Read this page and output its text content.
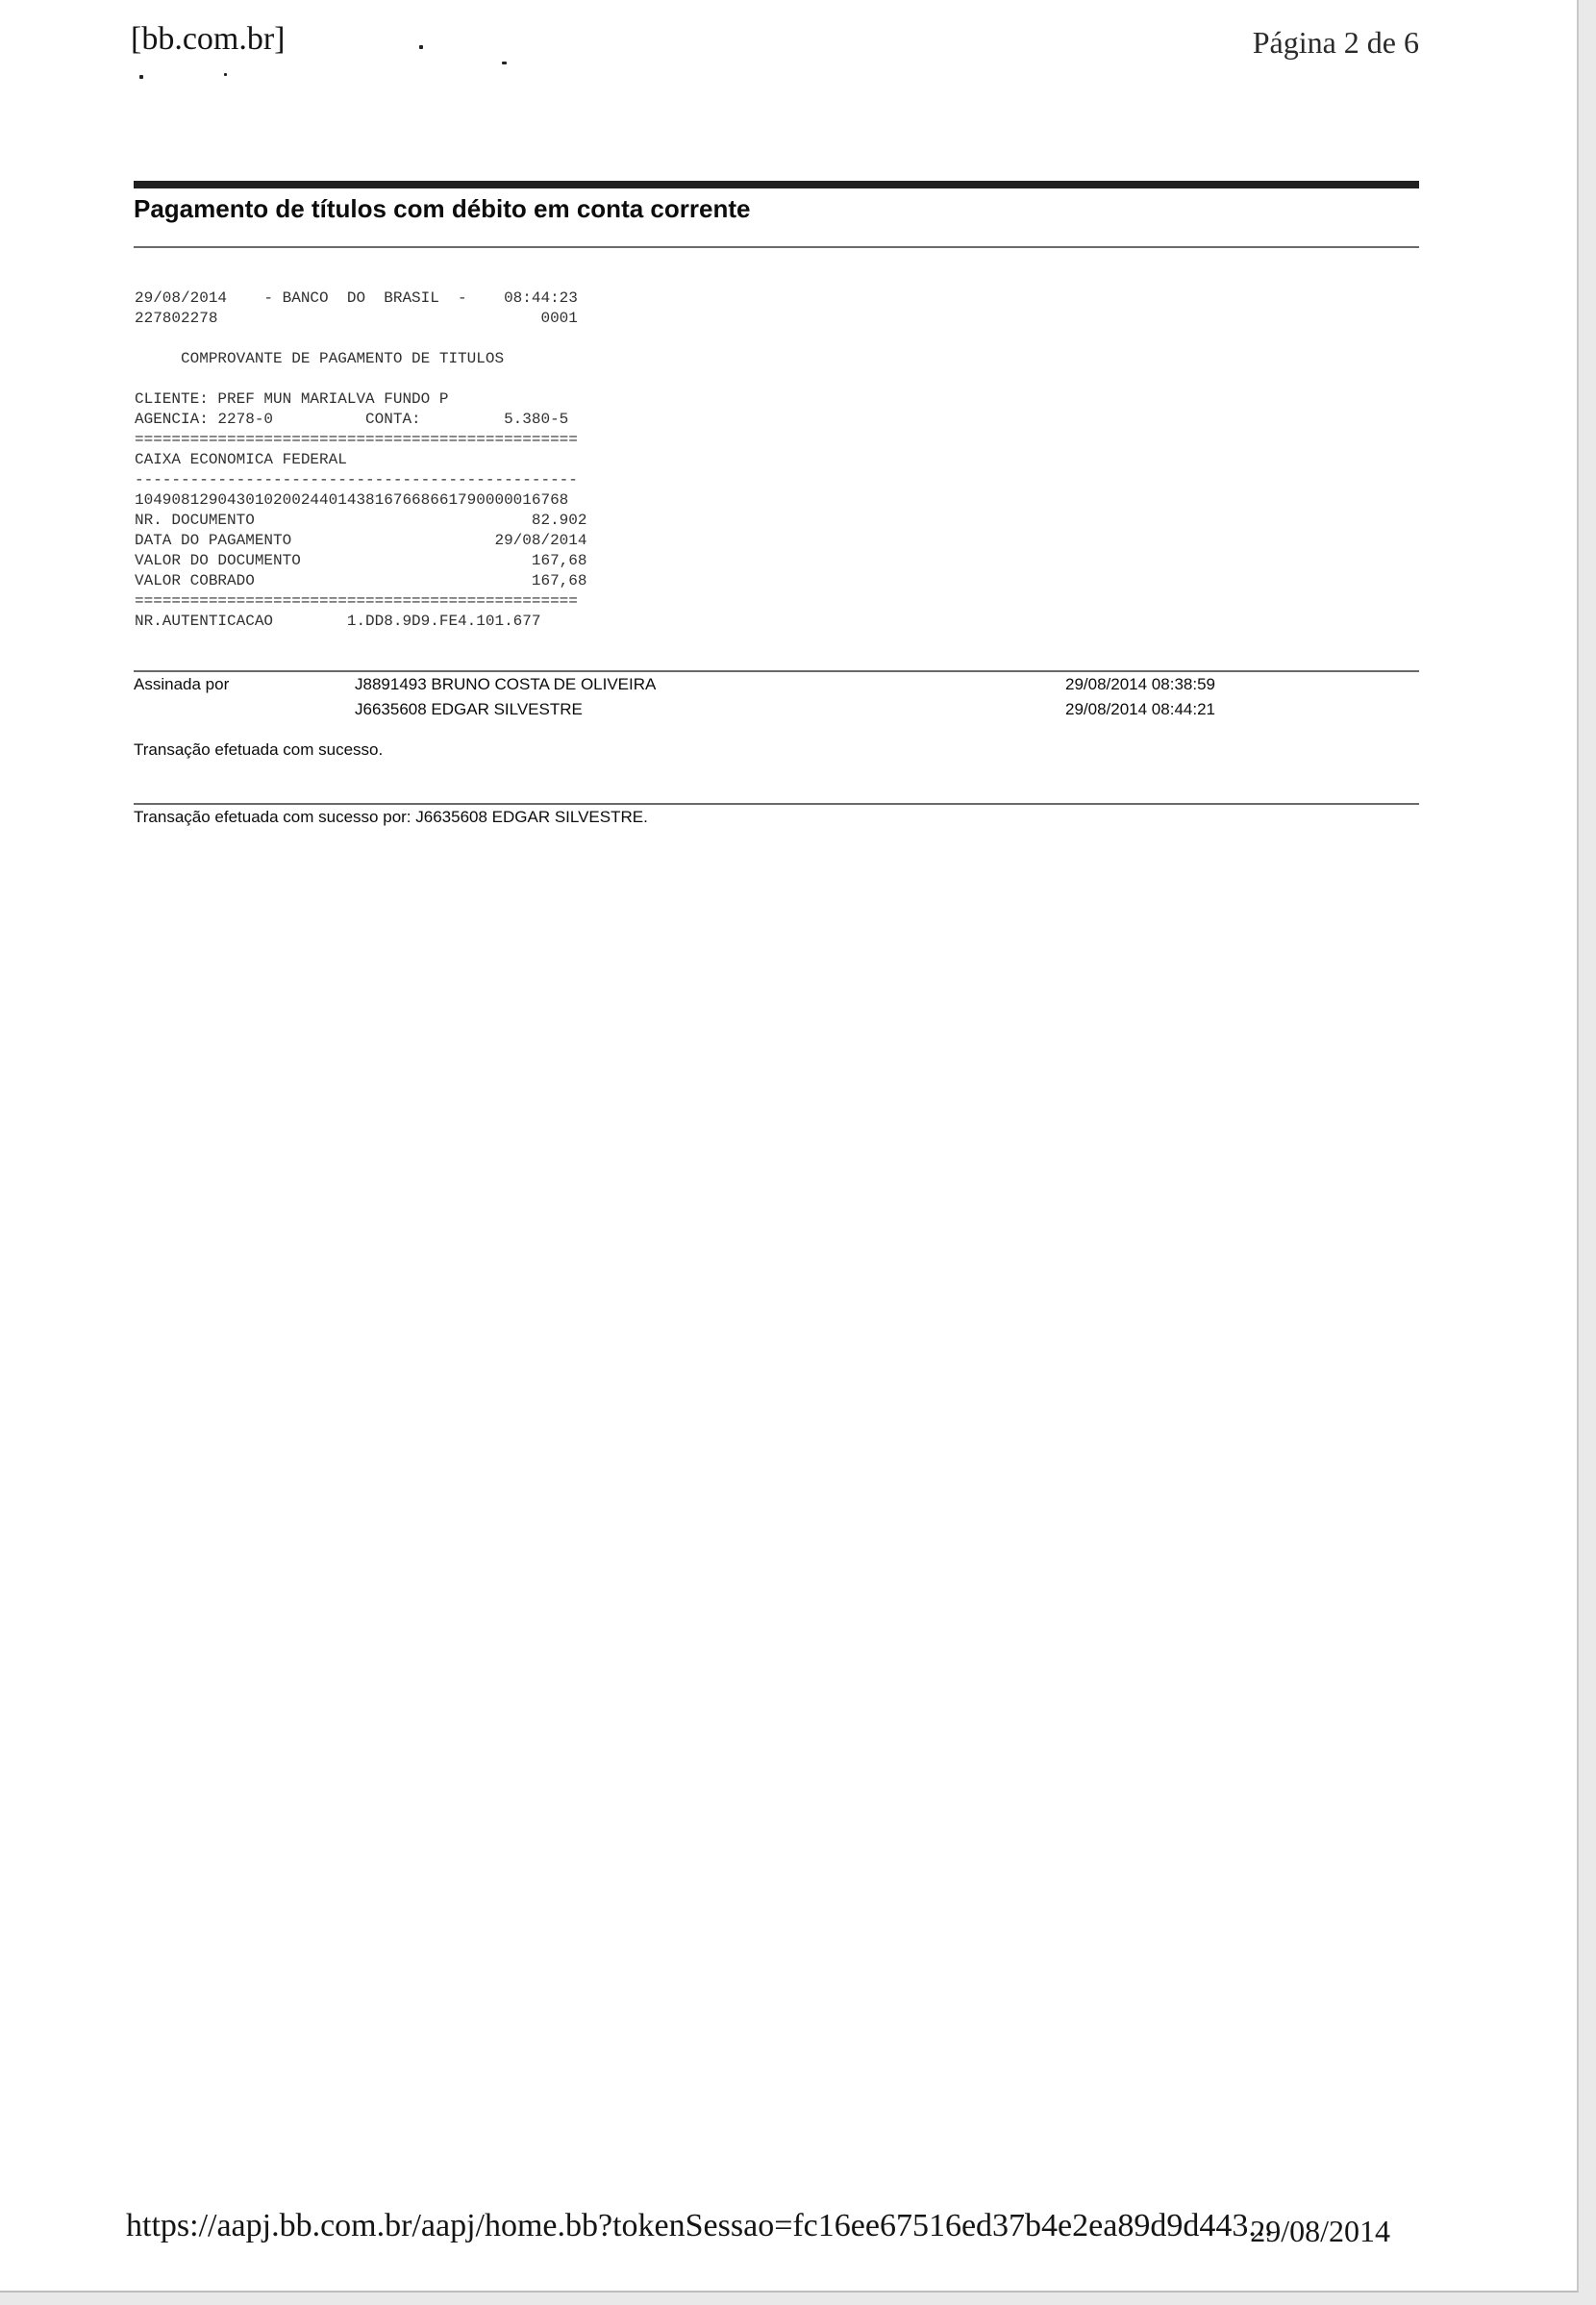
[bb.com.br]	Página 2 de 6
Pagamento de títulos com débito em conta corrente
29/08/2014    - BANCO  DO  BRASIL  -    08:44:23
227802278                                   0001
COMPROVANTE DE PAGAMENTO DE TITULOS
CLIENTE: PREF MUN MARIALVA FUNDO P
AGENCIA: 2278-0          CONTA:         5.380-5
================================================
CAIXA ECONOMICA FEDERAL
------------------------------------------------
10490812904301020024401438167668661790000016768
NR. DOCUMENTO                              82.902
DATA DO PAGAMENTO                      29/08/2014
VALOR DO DOCUMENTO                         167,68
VALOR COBRADO                              167,68
================================================
NR.AUTENTICACAO        1.DD8.9D9.FE4.101.677
Assinada por	J8891493 BRUNO COSTA DE OLIVEIRA	29/08/2014 08:38:59
J6635608 EDGAR SILVESTRE	29/08/2014 08:44:21
Transação efetuada com sucesso.
Transação efetuada com sucesso por: J6635608 EDGAR SILVESTRE.
https://aapj.bb.com.br/aapj/home.bb?tokenSessao=fc16ee67516ed37b4e2ea89d9d443...
29/08/2014
